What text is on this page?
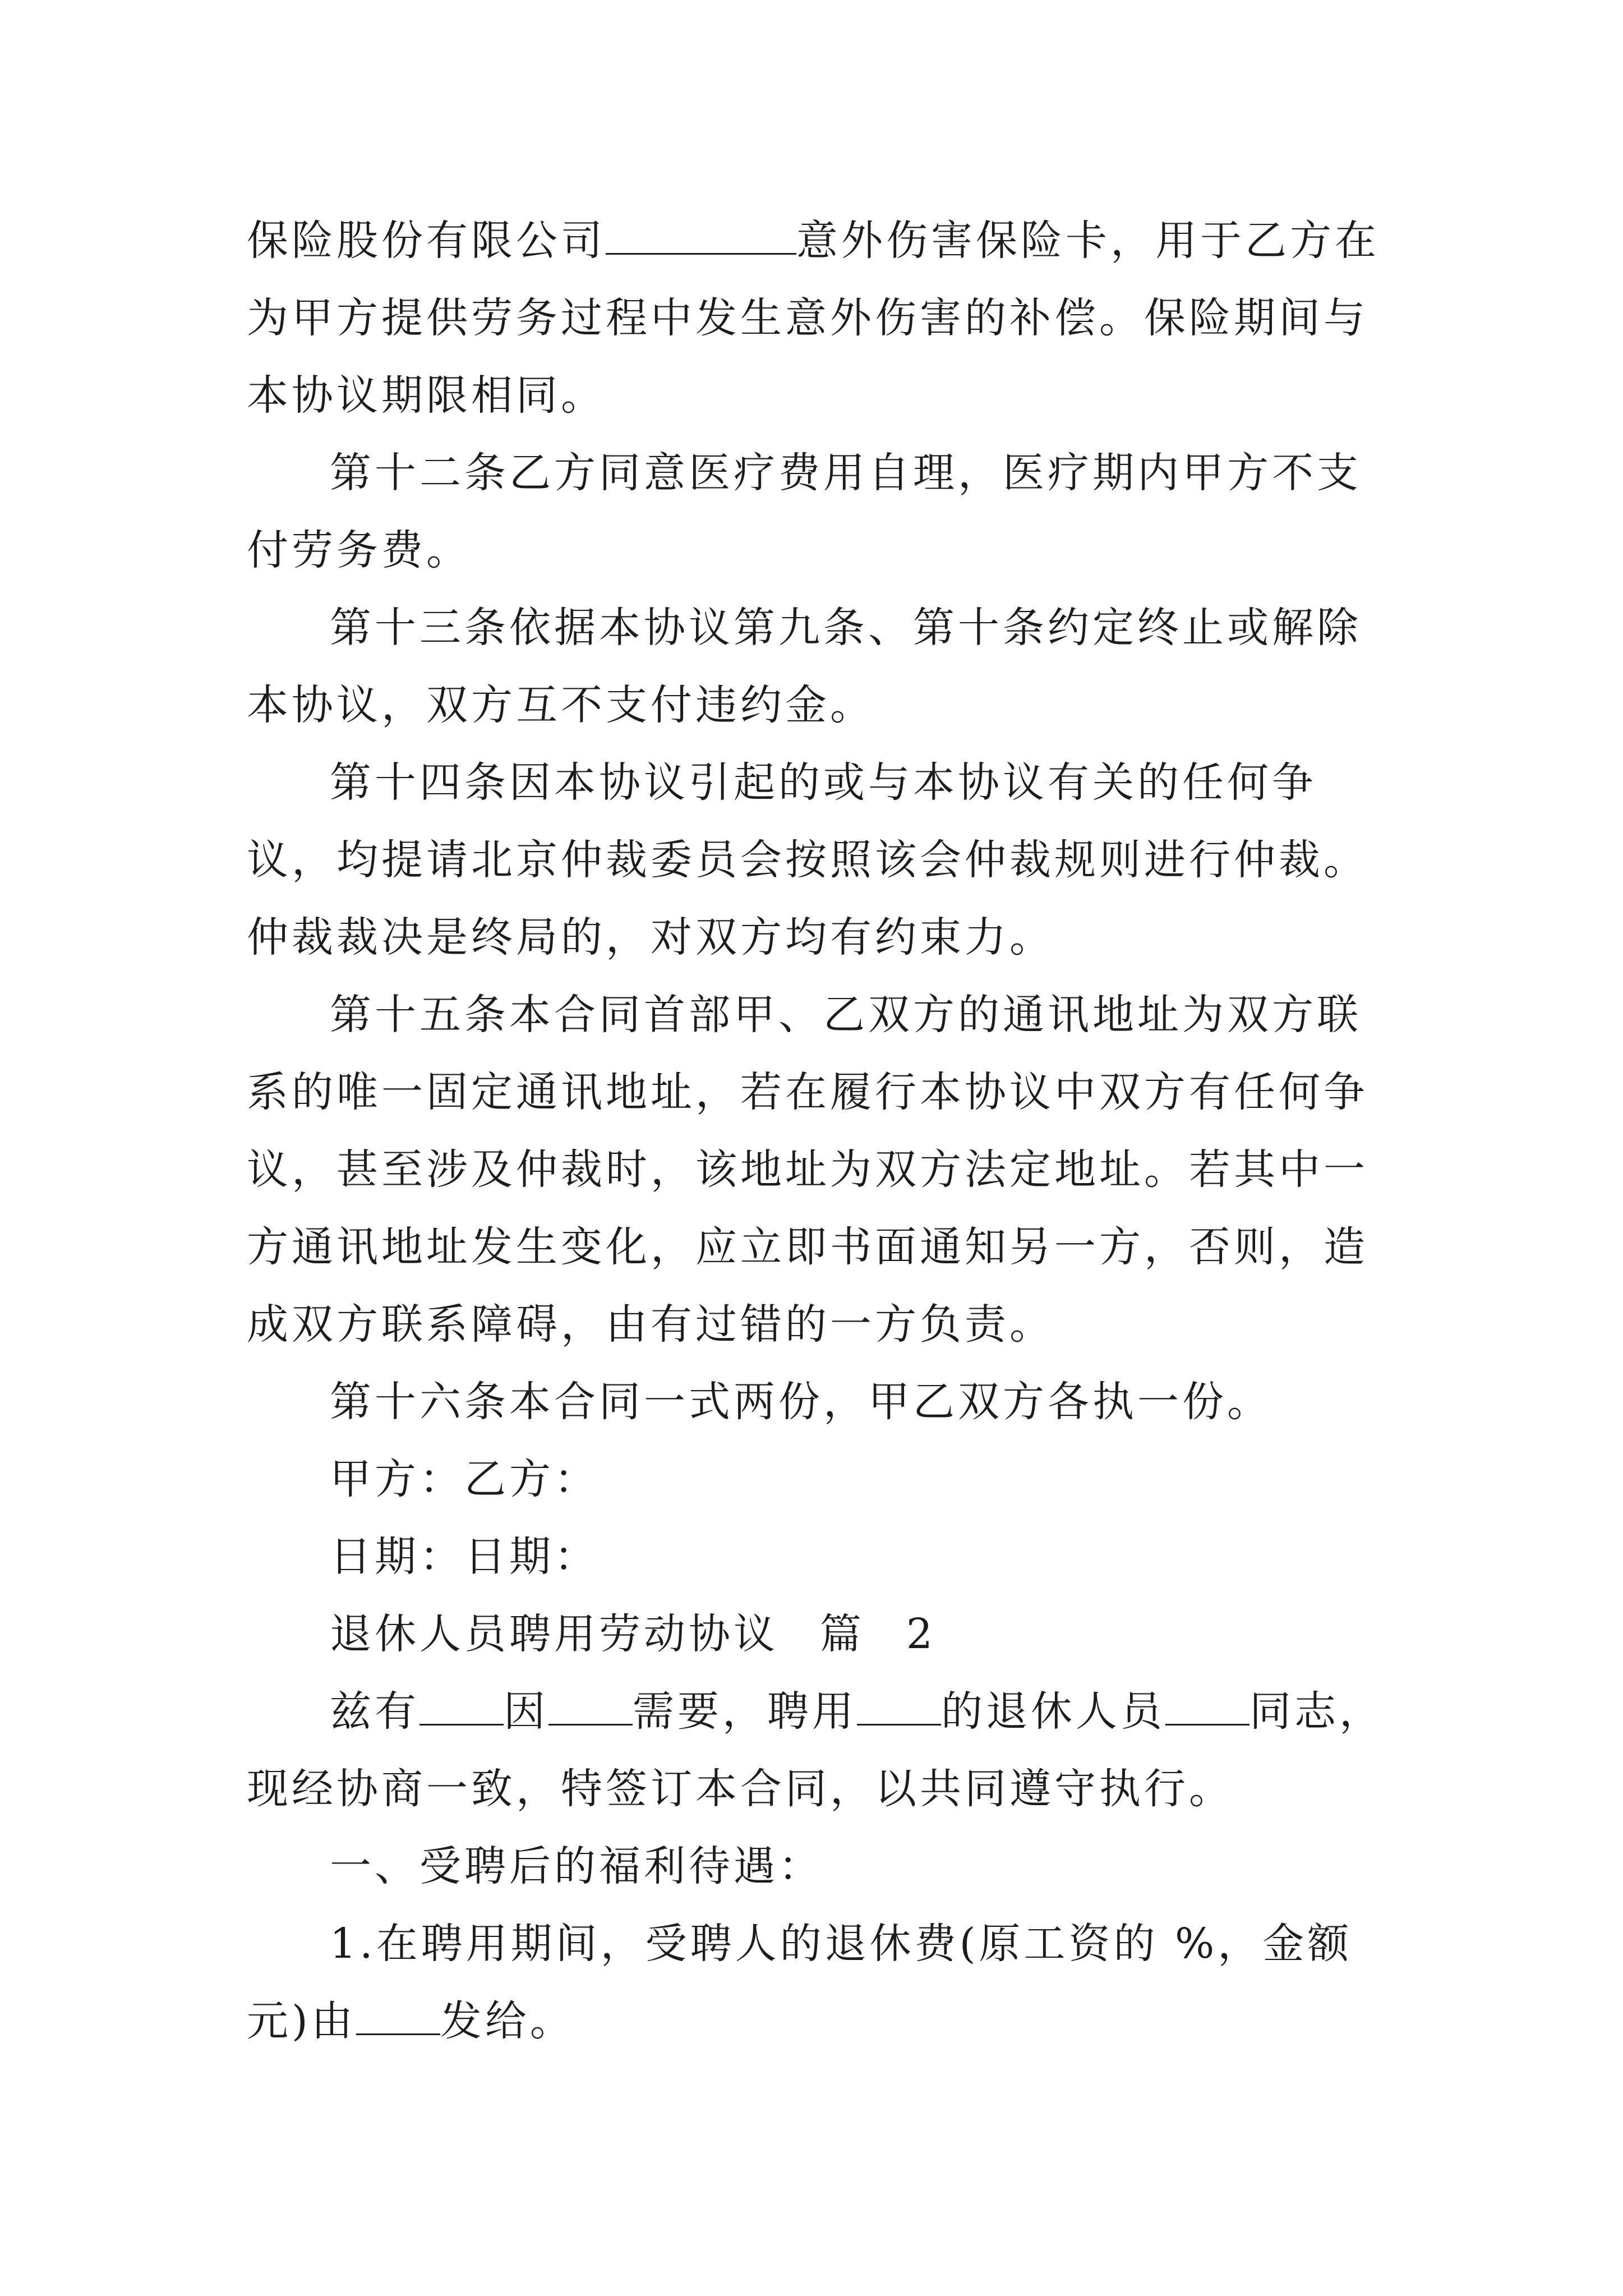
保险股份有限公司	意外伤害保险卡，用于乙方在为甲方提供劳务过程中发生意外伤害的补偿。保险期间与本协议期限相同。

第十二条乙方同意医疗费用自理，医疗期内甲方不支付劳务费。

第十三条依据本协议第九条、第十条约定终止或解除本协议，双方互不支付违约金。

第十四条因本协议引起的或与本协议有关的任何争议，均提请北京仲裁委员会按照该会仲裁规则进行仲裁。仲裁裁决是终局的，对双方均有约束力。

第十五条本合同首部甲、乙双方的通讯地址为双方联系的唯一固定通讯地址，若在履行本协议中双方有任何争议，甚至涉及仲裁时，该地址为双方法定地址。若其中一方通讯地址发生变化，应立即书面通知另一方，否则，造成双方联系障碍，由有过错的一方负责。

第十六条本合同一式两份，甲乙双方各执一份。

甲方：乙方：

日期：日期：

退休人员聘用劳动协议 篇 2

兹有 因 需要，聘用 的退休人员 同志，现经协商一致，特签订本合同，以共同遵守执行。

一、受聘后的福利待遇：

1.在聘用期间，受聘人的退休费(原工资的 %，金额 元)由 发给。
